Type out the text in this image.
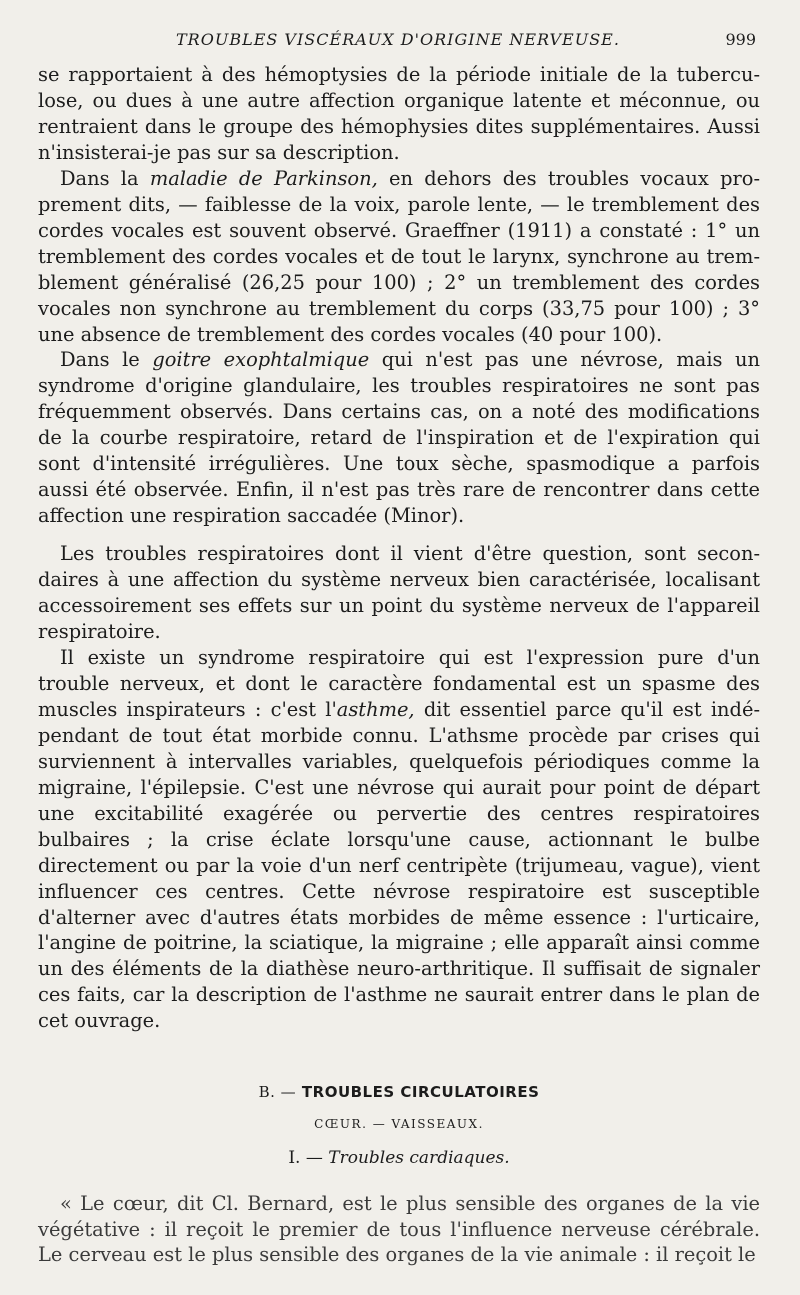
TROUBLES VISCÉRAUX D'ORIGINE NERVEUSE.	999

se rapportaient à des hémoptysies de la période initiale de la tuberculose, ou dues à une autre affection organique latente et méconnue, ou rentraient dans le groupe des hémophysies dites supplémentaires. Aussi n'insisterai-je pas sur sa description.

Dans la maladie de Parkinson, en dehors des troubles vocaux proprement dits, — faiblesse de la voix, parole lente, — le tremblement des cordes vocales est souvent observé. Graeffner (1911) a constaté : 1° un tremblement des cordes vocales et de tout le larynx, synchrone au tremblement généralisé (26,25 pour 100) ; 2° un tremblement des cordes vocales non synchrone au tremblement du corps (33,75 pour 100) ; 3° une absence de tremblement des cordes vocales (40 pour 100).

Dans le goitre exophtalmique qui n'est pas une névrose, mais un syndrome d'origine glandulaire, les troubles respiratoires ne sont pas fréquemment observés. Dans certains cas, on a noté des modifications de la courbe respiratoire, retard de l'inspiration et de l'expiration qui sont d'intensité irrégulières. Une toux sèche, spasmodique a parfois aussi été observée. Enfin, il n'est pas très rare de rencontrer dans cette affection une respiration saccadée (Minor).

Les troubles respiratoires dont il vient d'être question, sont secondaires à une affection du système nerveux bien caractérisée, localisant accessoirement ses effets sur un point du système nerveux de l'appareil respiratoire.

Il existe un syndrome respiratoire qui est l'expression pure d'un trouble nerveux, et dont le caractère fondamental est un spasme des muscles inspirateurs : c'est l'asthme, dit essentiel parce qu'il est indépendant de tout état morbide connu. L'athsme procède par crises qui surviennent à intervalles variables, quelquefois périodiques comme la migraine, l'épilepsie. C'est une névrose qui aurait pour point de départ une excitabilité exagérée ou pervertie des centres respiratoires bulbaires ; la crise éclate lorsqu'une cause, actionnant le bulbe directement ou par la voie d'un nerf centripète (trijumeau, vague), vient influencer ces centres. Cette névrose respiratoire est susceptible d'alterner avec d'autres états morbides de même essence : l'urticaire, l'angine de poitrine, la sciatique, la migraine ; elle apparaît ainsi comme un des éléments de la diathèse neuro-arthritique. Il suffisait de signaler ces faits, car la description de l'asthme ne saurait entrer dans le plan de cet ouvrage.

B. — TROUBLES CIRCULATOIRES
CŒUR. — VAISSEAUX.
I. — Troubles cardiaques.

« Le cœur, dit Cl. Bernard, est le plus sensible des organes de la vie végétative : il reçoit le premier de tous l'influence nerveuse cérébrale. Le cerveau est le plus sensible des organes de la vie animale : il reçoit le
